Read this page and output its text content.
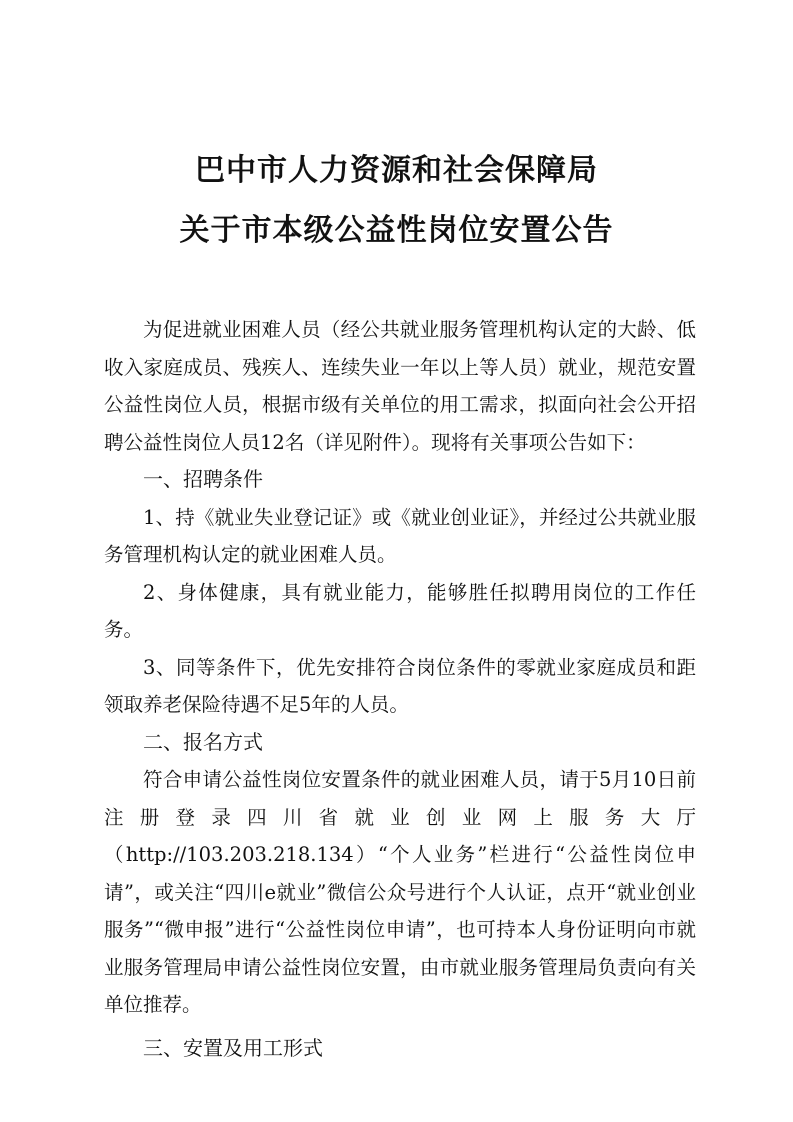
巴中市人力资源和社会保障局
关于市本级公益性岗位安置公告

为促进就业困难人员（经公共就业服务管理机构认定的大龄、低收入家庭成员、残疾人、连续失业一年以上等人员）就业，规范安置公益性岗位人员，根据市级有关单位的用工需求，拟面向社会公开招聘公益性岗位人员12名（详见附件）。现将有关事项公告如下：

一、招聘条件

1、持《就业失业登记证》或《就业创业证》，并经过公共就业服务管理机构认定的就业困难人员。

2、身体健康，具有就业能力，能够胜任拟聘用岗位的工作任务。

3、同等条件下，优先安排符合岗位条件的零就业家庭成员和距领取养老保险待遇不足5年的人员。

二、报名方式

符合申请公益性岗位安置条件的就业困难人员，请于5月10日前注册登录四川省就业创业网上服务大厅（http://103.203.218.134）“个人业务”栏进行“公益性岗位申请”，或关注“四川e就业”微信公众号进行个人认证，点开“就业创业服务”“微申报”进行“公益性岗位申请”，也可持本人身份证明向市就业服务管理局申请公益性岗位安置，由市就业服务管理局负责向有关单位推荐。

三、安置及用工形式
